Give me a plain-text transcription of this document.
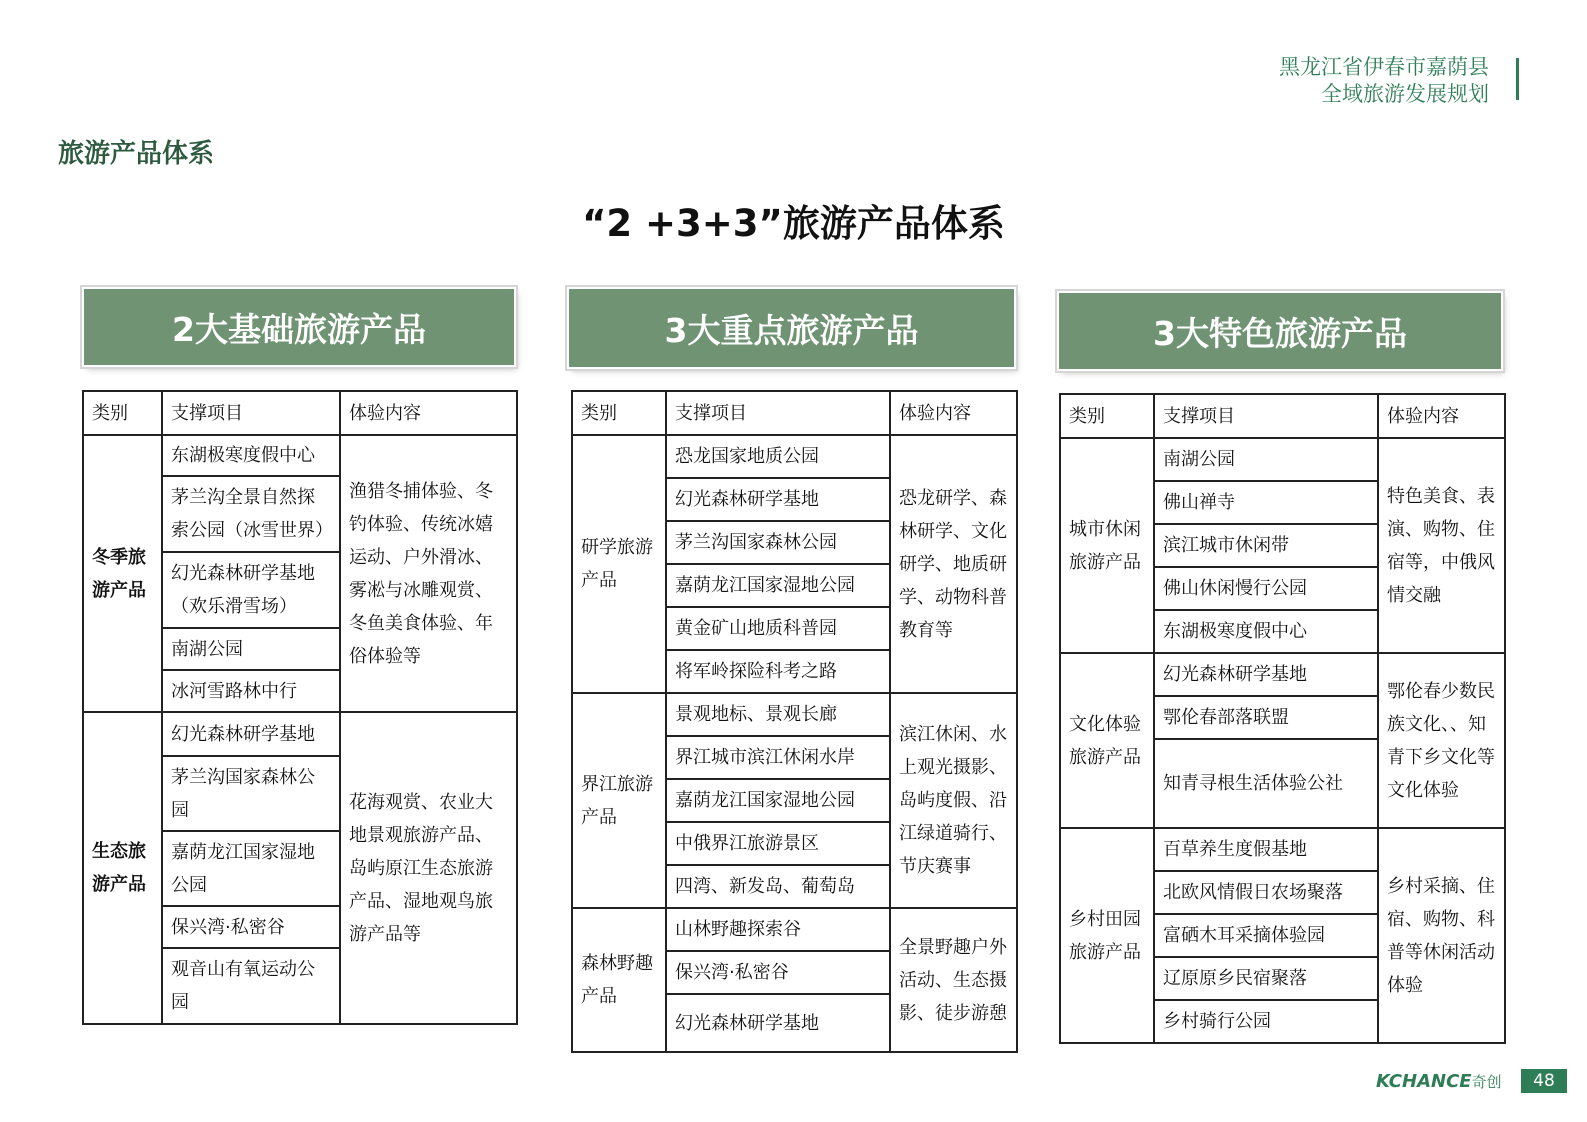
黑龙江省伊春市嘉荫县
全域旅游发展规划
旅游产品体系
“2 +3+3”旅游产品体系
2大基础旅游产品	3大重点旅游产品	3大特色旅游产品
类别	支撑项目	体验内容
冬季旅游产品	东湖极寒度假中心	渔猎冬捕体验、冬钓体验、传统冰嬉运动、户外滑冰、雾凇与冰雕观赏、冬鱼美食体验、年俗体验等
	茅兰沟全景自然探索公园（冰雪世界）	
	幻光森林研学基地（欢乐滑雪场）	
	南湖公园	
	冰河雪路林中行	
生态旅游产品	幻光森林研学基地	花海观赏、农业大地景观旅游产品、岛屿原江生态旅游产品、湿地观鸟旅游产品等
	茅兰沟国家森林公园	
	嘉荫龙江国家湿地公园	
	保兴湾·私密谷	
	观音山有氧运动公园	
类别	支撑项目	体验内容
研学旅游产品	恐龙国家地质公园	恐龙研学、森林研学、文化研学、地质研学、动物科普教育等
	幻光森林研学基地	
	茅兰沟国家森林公园	
	嘉荫龙江国家湿地公园	
	黄金矿山地质科普园	
	将军岭探险科考之路	
界江旅游产品	景观地标、景观长廊	滨江休闲、水上观光摄影、岛屿度假、沿江绿道骑行、节庆赛事
	界江城市滨江休闲水岸	
	嘉荫龙江国家湿地公园	
	中俄界江旅游景区	
	四湾、新发岛、葡萄岛	
森林野趣产品	山林野趣探索谷	全景野趣户外活动、生态摄影、徒步游憩
	保兴湾·私密谷	
	幻光森林研学基地	
类别	支撑项目	体验内容
城市休闲旅游产品	南湖公园	特色美食、表演、购物、住宿等，中俄风情交融
	佛山禅寺	
	滨江城市休闲带	
	佛山休闲慢行公园	
	东湖极寒度假中心	
文化体验旅游产品	幻光森林研学基地	鄂伦春少数民族文化、、知青下乡文化等文化体验
	鄂伦春部落联盟	
	知青寻根生活体验公社	
乡村田园旅游产品	百草养生度假基地	乡村采摘、住宿、购物、科普等休闲活动体验
	北欧风情假日农场聚落	
	富硒木耳采摘体验园	
	辽原原乡民宿聚落	
	乡村骑行公园	
KCHANCE奇创	48
